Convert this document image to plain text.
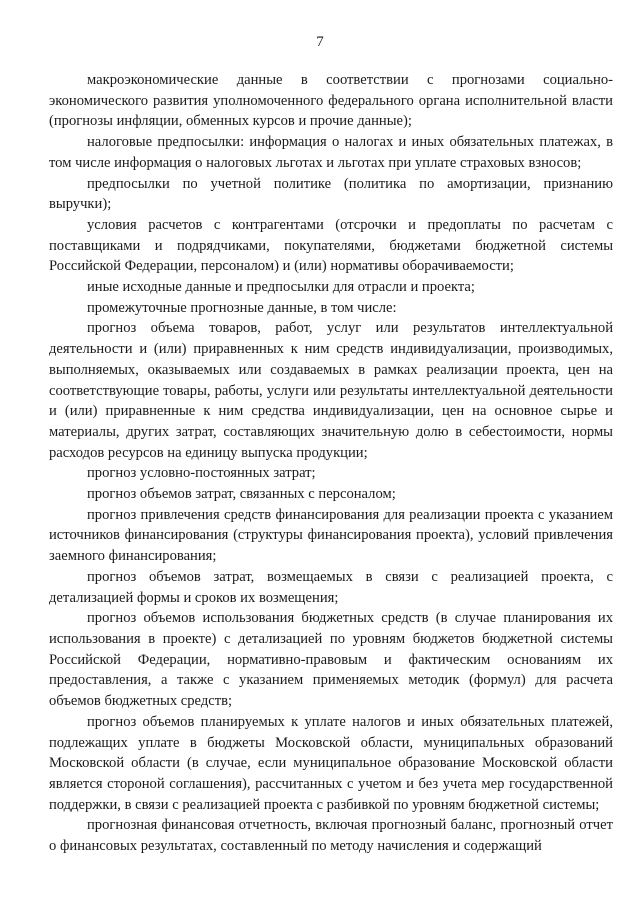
7

макроэкономические данные в соответствии с прогнозами социально-экономического развития уполномоченного федерального органа исполнительной власти (прогнозы инфляции, обменных курсов и прочие данные);

налоговые предпосылки: информация о налогах и иных обязательных платежах, в том числе информация о налоговых льготах и льготах при уплате страховых взносов;

предпосылки по учетной политике (политика по амортизации, признанию выручки);

условия расчетов с контрагентами (отсрочки и предоплаты по расчетам с поставщиками и подрядчиками, покупателями, бюджетами бюджетной системы Российской Федерации, персоналом) и (или) нормативы оборачиваемости;

иные исходные данные и предпосылки для отрасли и проекта;

промежуточные прогнозные данные, в том числе:

прогноз объема товаров, работ, услуг или результатов интеллектуальной деятельности и (или) приравненных к ним средств индивидуализации, производимых, выполняемых, оказываемых или создаваемых в рамках реализации проекта, цен на соответствующие товары, работы, услуги или результаты интеллектуальной деятельности и (или) приравненные к ним средства индивидуализации, цен на основное сырье и материалы, других затрат, составляющих значительную долю в себестоимости, нормы расходов ресурсов на единицу выпуска продукции;

прогноз условно-постоянных затрат;

прогноз объемов затрат, связанных с персоналом;

прогноз привлечения средств финансирования для реализации проекта с указанием источников финансирования (структуры финансирования проекта), условий привлечения заемного финансирования;

прогноз объемов затрат, возмещаемых в связи с реализацией проекта, с детализацией формы и сроков их возмещения;

прогноз объемов использования бюджетных средств (в случае планирования их использования в проекте) с детализацией по уровням бюджетов бюджетной системы Российской Федерации, нормативно-правовым и фактическим основаниям их предоставления, а также с указанием применяемых методик (формул) для расчета объемов бюджетных средств;

прогноз объемов планируемых к уплате налогов и иных обязательных платежей, подлежащих уплате в бюджеты Московской области, муниципальных образований Московской области (в случае, если муниципальное образование Московской области является стороной соглашения), рассчитанных с учетом и без учета мер государственной поддержки, в связи с реализацией проекта с разбивкой по уровням бюджетной системы;

прогнозная финансовая отчетность, включая прогнозный баланс, прогнозный отчет о финансовых результатах, составленный по методу начисления и содержащий
